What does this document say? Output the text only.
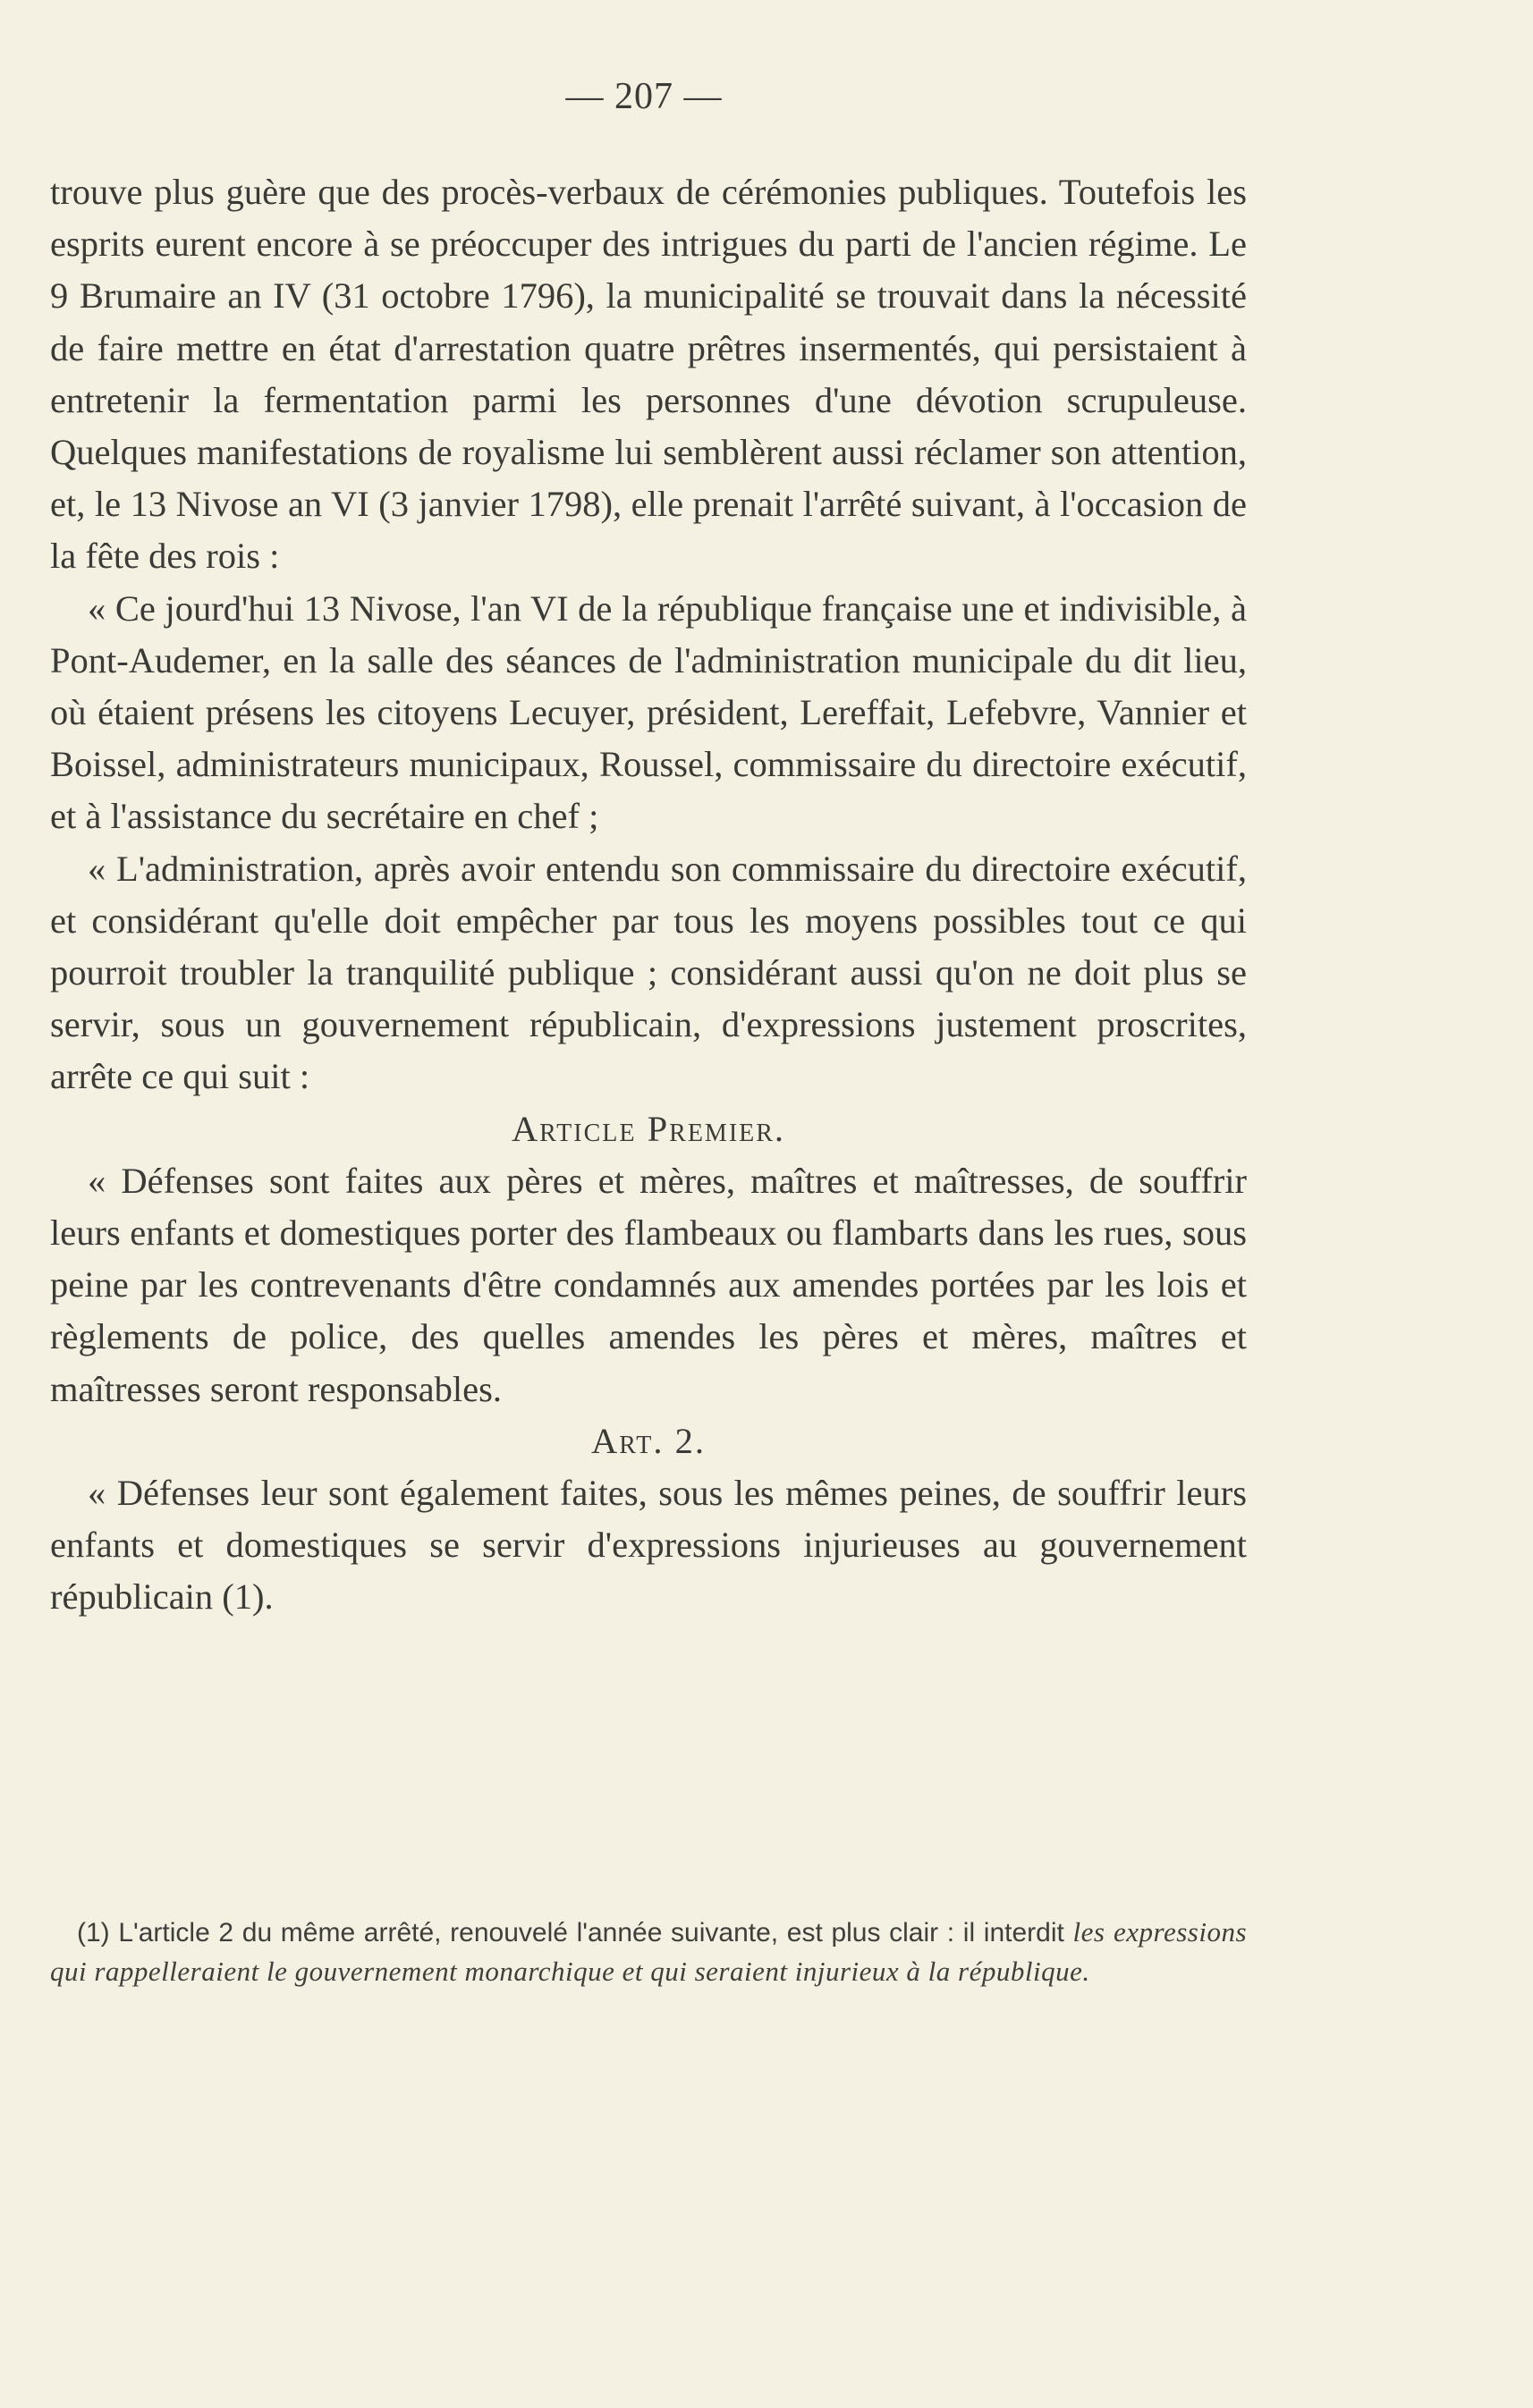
— 207 —

trouve plus guère que des procès-verbaux de cérémonies publiques. Toutefois les esprits eurent encore à se préoccuper des intrigues du parti de l'ancien régime. Le 9 Brumaire an IV (31 octobre 1796), la municipalité se trouvait dans la nécessité de faire mettre en état d'arrestation quatre prêtres insermentés, qui persistaient à entretenir la fermentation parmi les personnes d'une dévotion scrupuleuse. Quelques manifestations de royalisme lui semblèrent aussi réclamer son attention, et, le 13 Nivose an VI (3 janvier 1798), elle prenait l'arrêté suivant, à l'occasion de la fête des rois :

« Ce jourd'hui 13 Nivose, l'an VI de la république française une et indivisible, à Pont-Audemer, en la salle des séances de l'administration municipale du dit lieu, où étaient présens les citoyens Lecuyer, président, Lereffait, Lefebvre, Vannier et Boissel, administrateurs municipaux, Roussel, commissaire du directoire exécutif, et à l'assistance du secrétaire en chef ;

« L'administration, après avoir entendu son commissaire du directoire exécutif, et considérant qu'elle doit empêcher par tous les moyens possibles tout ce qui pourroit troubler la tranquilité publique ; considérant aussi qu'on ne doit plus se servir, sous un gouvernement républicain, d'expressions justement proscrites, arrête ce qui suit :

Article Premier.

« Défenses sont faites aux pères et mères, maîtres et maîtresses, de souffrir leurs enfants et domestiques porter des flambeaux ou flambarts dans les rues, sous peine par les contrevenants d'être condamnés aux amendes portées par les lois et règlements de police, des quelles amendes les pères et mères, maîtres et maîtresses seront responsables.

Art. 2.

« Défenses leur sont également faites, sous les mêmes peines, de souffrir leurs enfants et domestiques se servir d'expressions injurieuses au gouvernement républicain (1).

(1) L'article 2 du même arrêté, renouvelé l'année suivante, est plus clair : il interdit les expressions qui rappelleraient le gouvernement monarchique et qui seraient injurieux à la république.
